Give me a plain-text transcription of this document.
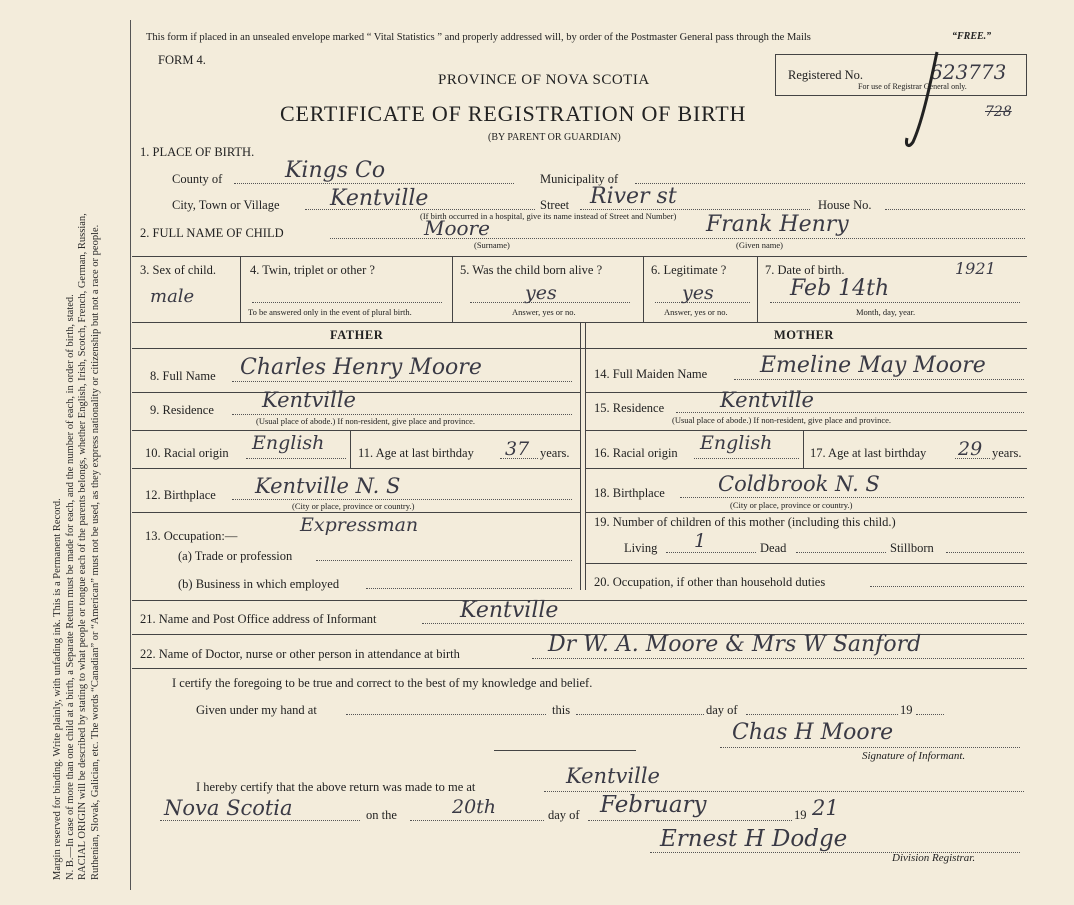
Margin reserved for binding. Write plainly, with unfading ink. This is a Permanent Record. N. B.—In case of more than one child at a birth, a Separate Return must be made for each, and the number of each, in order of birth, stated. RACIAL ORIGIN will be described by stating to what people or tongue each of the parents belongs, whether English, Irish, Scotch, French, German, Russian, Ruthenian, Slovak, Galician, etc. The words “Canadian” or “American” must not be used, as they express nationality or citizenship but not a race or people.
This form if placed in an unsealed envelope marked “ Vital Statistics ” and properly addressed will, by order of the Postmaster General pass through the Mails	“FREE.”
FORM 4.
PROVINCE OF NOVA SCOTIA
CERTIFICATE OF REGISTRATION OF BIRTH
(BY PARENT OR GUARDIAN)
Registered No.
For use of Registrar General only.
623773
728
1. PLACE OF BIRTH.
County of	Kings Co	Municipality of
City, Town or Village Kentville	Street River st	House No.
(If birth occurred in a hospital, give its name instead of Street and Number)
2. FULL NAME OF CHILD	Moore
(Surname)
Frank Henry
(Given name)
3. Sex of child.
male
4. Twin, triplet or other ?
To be answered only in the event of plural birth.
5. Was the child born alive ?
yes
Answer, yes or no.
6. Legitimate ?
yes
Answer, yes or no.
7. Date of birth.	1921
Feb 14th
Month, day, year.
FATHER	MOTHER
8. Full Name Charles Henry Moore
9. Residence Kentville
(Usual place of abode.) If non-resident, give place and province.
10. Racial origin English	11. Age at last birthday 37 years.
12. Birthplace Kentville N. S
(City or place, province or country.)
13. Occupation:—	Expressman
(a) Trade or profession
(b) Business in which employed
14. Full Maiden Name Emeline May Moore
15. Residence	Kentville
(Usual place of abode.) If non-resident, give place and province.
16. Racial origin English	17. Age at last birthday 29 years.
18. Birthplace	Coldbrook N. S
(City or place, province or country.)
19. Number of children of this mother (including this child.)
Living 1	Dead	Stillborn
20. Occupation, if other than household duties
21. Name and Post Office address of Informant	Kentville
22. Name of Doctor, nurse or other person in attendance at birth	Dr W. A. Moore & Mrs W Sanford
I certify the foregoing to be true and correct to the best of my knowledge and belief.
Given under my hand at	this	day of	19
Chas H Moore
Signature of Informant.
I hereby certify that the above return was made to me at	Kentville
Nova Scotia	on the	20th	day of February	19 21
Ernest H Dodge
Division Registrar.
